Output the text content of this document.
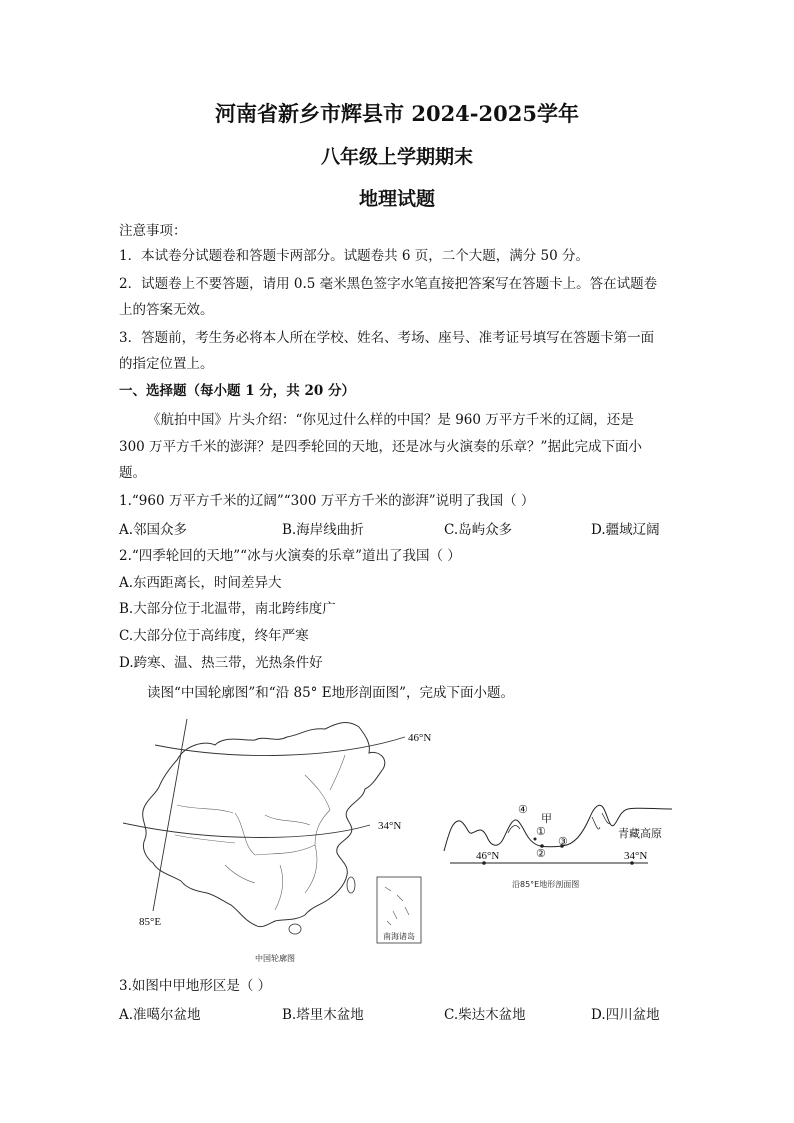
河南省新乡市辉县市 2024-2025学年
八年级上学期期末
地理试题

注意事项：

1．本试卷分试题卷和答题卡两部分。试题卷共 6 页，二个大题，满分 50 分。

2．试题卷上不要答题，请用 0.5 毫米黑色签字水笔直接把答案写在答题卡上。答在试题卷

上的答案无效。

3．答题前，考生务必将本人所在学校、姓名、考场、座号、准考证号填写在答题卡第一面

的指定位置上。

一、选择题（每小题 1 分，共 20 分）

《航拍中国》片头介绍：“你见过什么样的中国？是 960 万平方千米的辽阔，还是

300 万平方千米的澎湃？是四季轮回的天地，还是冰与火演奏的乐章？”据此完成下面小

题。

1.“960 万平方千米的辽阔”“300 万平方千米的澎湃”说明了我国（ ）

A.邻国众多	B.海岸线曲折	C.岛屿众多	D.疆域辽阔

2.“四季轮回的天地”“冰与火演奏的乐章”道出了我国（ ）

A.东西距离长，时间差异大

B.大部分位于北温带，南北跨纬度广

C.大部分位于高纬度，终年严寒

D.跨寒、温、热三带，光热条件好

读图“中国轮廓图”和“沿 85° E地形剖面图”，完成下面小题。

南海诸岛
46°N
34°N
85°E
中国轮廓图
④
①
②
③
甲
青藏高原
46°N	34°N
沿85°E地形剖面图

3.如图中甲地形区是（ ）

A.准噶尔盆地	B.塔里木盆地	C.柴达木盆地	D.四川盆地
